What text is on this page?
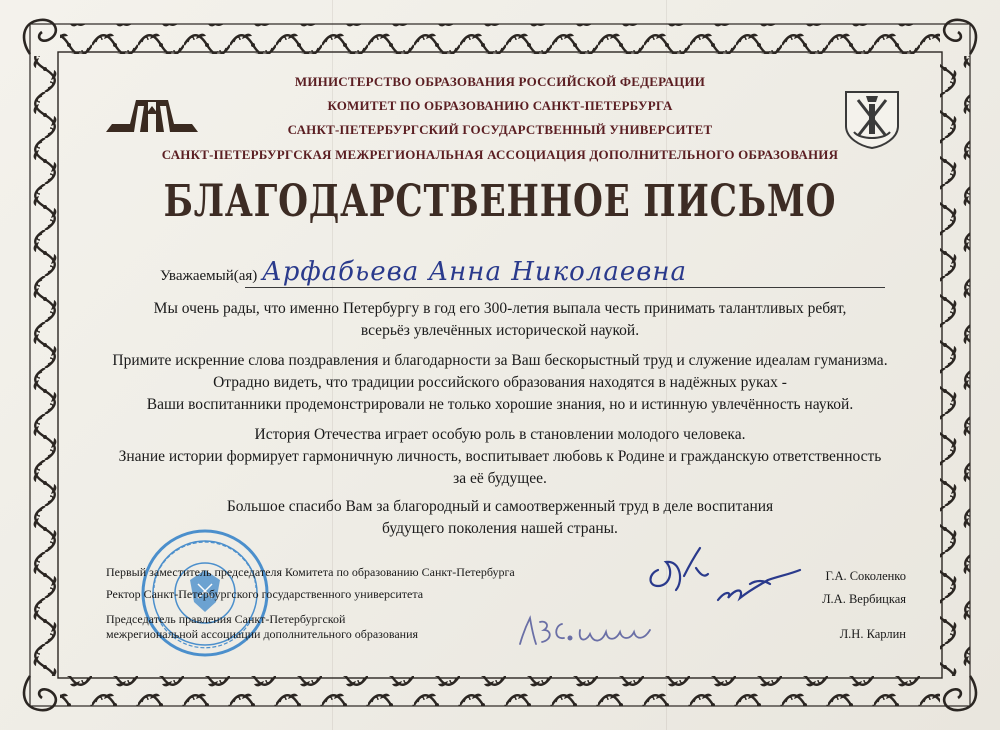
МИНИСТЕРСТВО ОБРАЗОВАНИЯ РОССИЙСКОЙ ФЕДЕРАЦИИ
КОМИТЕТ ПО ОБРАЗОВАНИЮ САНКТ-ПЕТЕРБУРГА
САНКТ-ПЕТЕРБУРГСКИЙ ГОСУДАРСТВЕННЫЙ УНИВЕРСИТЕТ
САНКТ-ПЕТЕРБУРГСКАЯ МЕЖРЕГИОНАЛЬНАЯ АССОЦИАЦИЯ ДОПОЛНИТЕЛЬНОГО ОБРАЗОВАНИЯ
БЛАГОДАРСТВЕННОЕ ПИСЬМО
Уважаемый(ая) Арфабьева Анна Николаевна
Мы очень рады, что именно Петербургу в год его 300-летия выпала честь принимать талантливых ребят,
всерьёз увлечённых исторической наукой.
Примите искренние слова поздравления и благодарности за Ваш бескорыстный труд и служение идеалам гуманизма.
Отрадно видеть, что традиции российского образования находятся в надёжных руках -
Ваши воспитанники продемонстрировали не только хорошие знания, но и истинную увлечённость наукой.
История Отечества играет особую роль в становлении молодого человека.
Знание истории формирует гармоничную личность, воспитывает любовь к Родине и гражданскую ответственность
за её будущее.
Большое спасибо Вам за благородный и самоотверженный труд в деле воспитания
будущего поколения нашей страны.
Первый заместитель председателя Комитета по образованию Санкт-Петербурга
Ректор Санкт-Петербургского государственного университета
Председатель правления Санкт-Петербургской
межрегиональной ассоциации дополнительного образования
Г.А. Соколенко
Л.А. Вербицкая
Л.Н. Карлин
